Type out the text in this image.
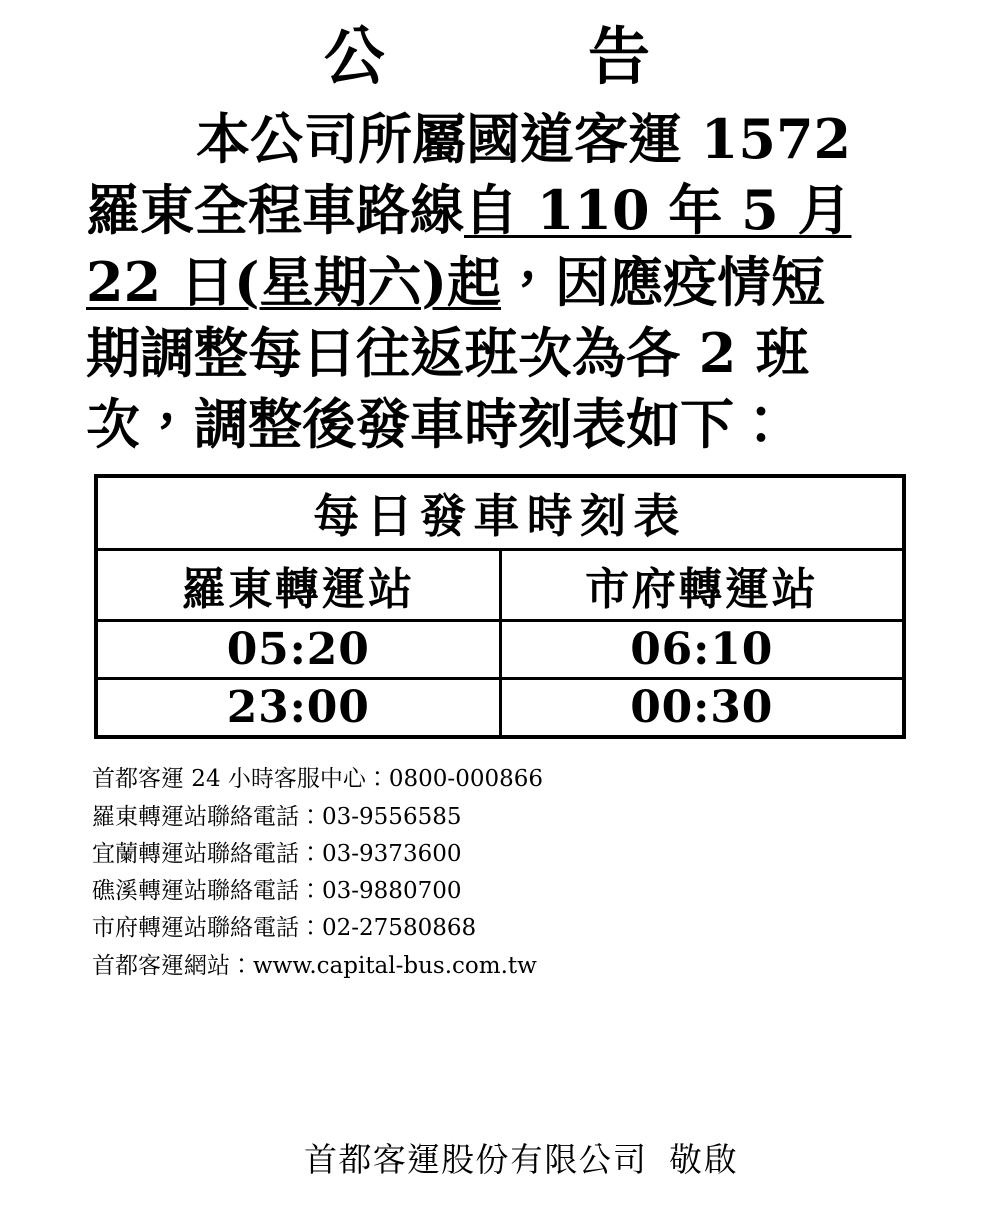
公　　告
本公司所屬國道客運 1572
羅東全程車路線自 110 年 5 月
22 日(星期六)起，因應疫情短
期調整每日往返班次為各 2 班
次，調整後發車時刻表如下：
每日發車時刻表	
羅東轉運站	市府轉運站
05:20	06:10
23:00	00:30
首都客運 24 小時客服中心：0800-000866
羅東轉運站聯絡電話：03-9556585
宜蘭轉運站聯絡電話：03-9373600
礁溪轉運站聯絡電話：03-9880700
市府轉運站聯絡電話：02-27580868
首都客運網站：www.capital-bus.com.tw
首都客運股份有限公司 敬啟
